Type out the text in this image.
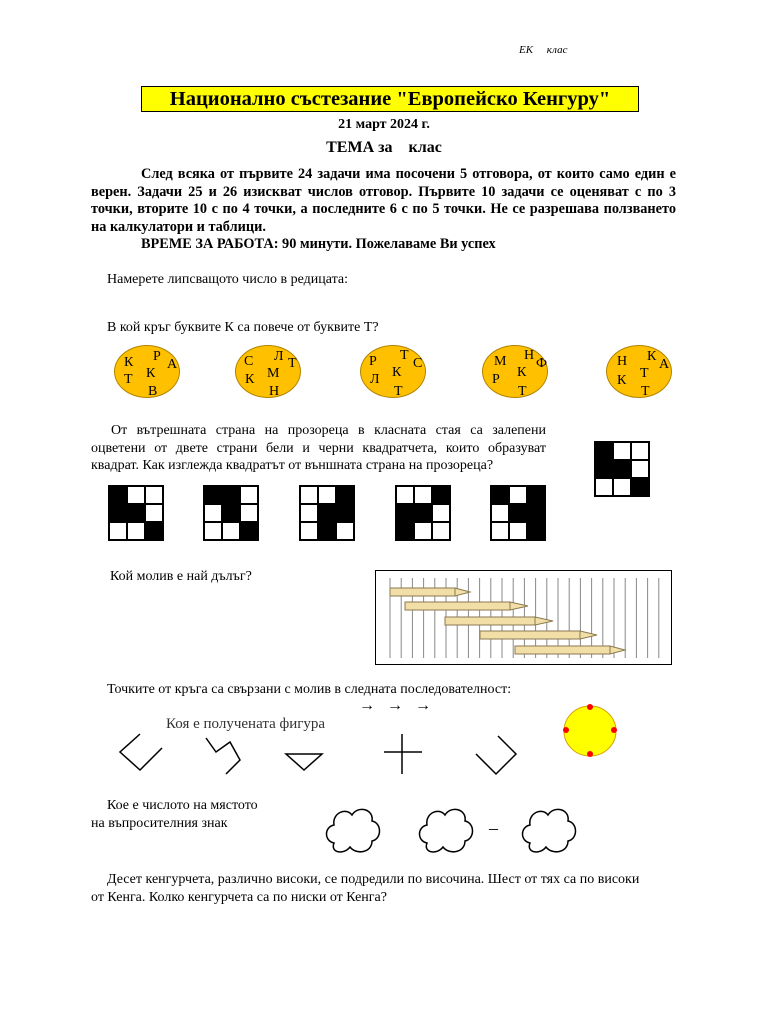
ЕК     клас
Национално състезание "Европейско Кенгуру"
21 март 2024 г.
ТЕМА за    клас

След всяка от първите 24 задачи има посочени 5 отговора, от които само един е верен. Задачи 25 и 26 изискват числов отговор. Първите 10 задачи се оценяват с по 3 точки, вторите 10 с по 4 точки, а последните 6 с по 5 точки. Не се разрешава ползването на калкулатори и таблици.

ВРЕМЕ ЗА РАБОТА: 90 минути. Пожелаваме Ви успех

Намерете липсващото число в редицата:
В кой кръг буквите К са повече от буквите Т?
К Р
А
Т К
В
С Л Т
К М
Н
Р Т
С
Л К
Т
М Н
Ф
Р К
Т
Н К
А
К Т
Т
От вътрешната страна на прозореца в класната стая са залепени оцветени от двете страни бели и черни квадратчета, които образуват квадрат. Как изглежда квадратът от външната страна на прозореца?
Кой молив е най дълъг?
Точките от кръга са свързани с молив в следната последователност:
→ → →
Коя е получената фигура
Кое е числото на мястото
на въпросителния знак	–
Десет кенгурчета, различно високи, се подредили по височина. Шест от тях са по високи от Кенга. Колко кенгурчета са по ниски от Кенга?
